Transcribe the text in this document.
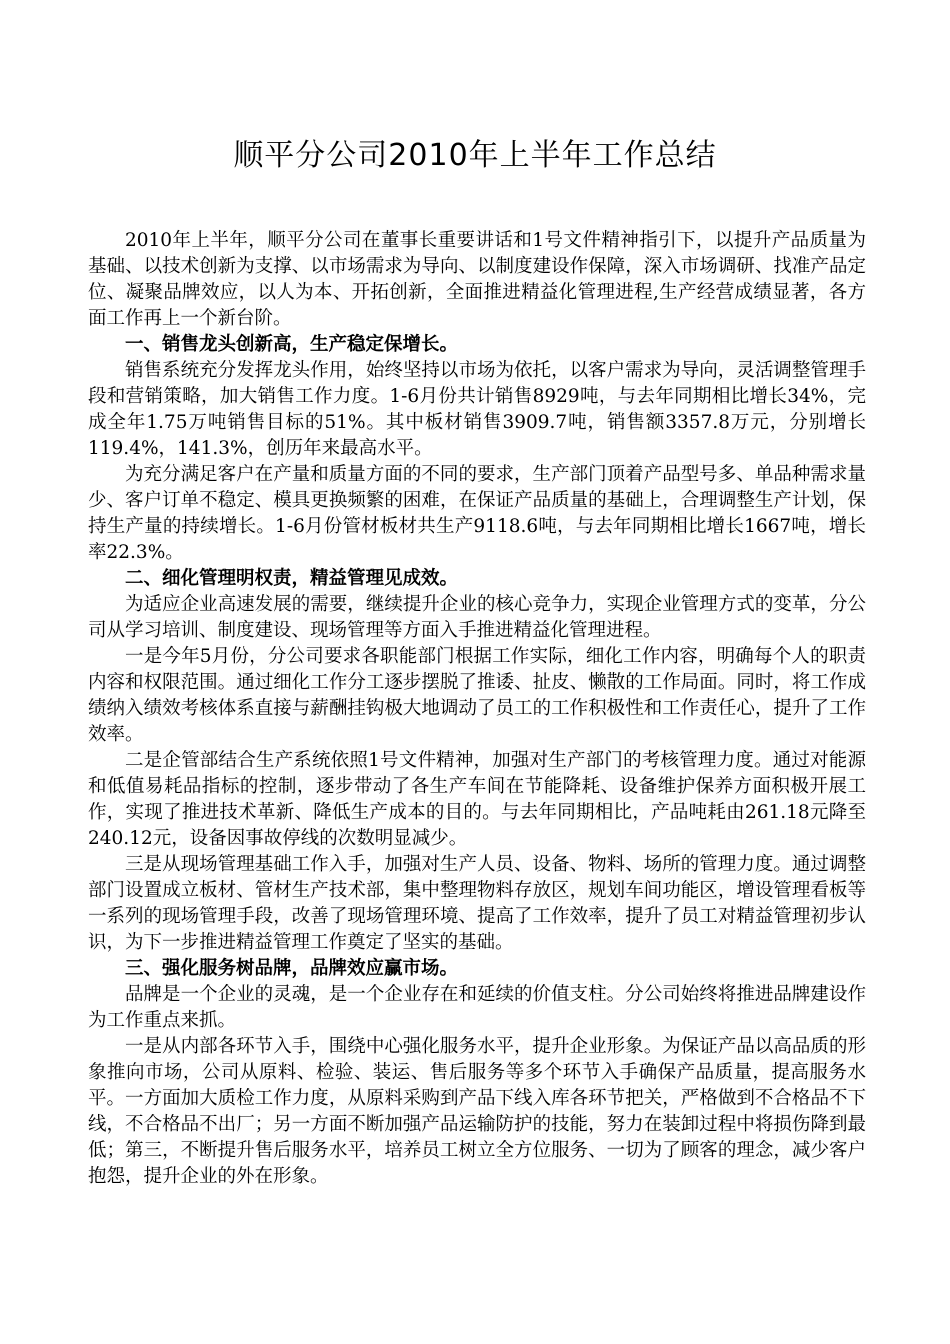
顺平分公司2010年上半年工作总结

2010年上半年，顺平分公司在董事长重要讲话和1号文件精神指引下，以提升产品质量为基础、以技术创新为支撑、以市场需求为导向、以制度建设作保障，深入市场调研、找准产品定位、凝聚品牌效应，以人为本、开拓创新，全面推进精益化管理进程,生产经营成绩显著，各方面工作再上一个新台阶。

一、销售龙头创新高，生产稳定保增长。

销售系统充分发挥龙头作用，始终坚持以市场为依托，以客户需求为导向，灵活调整管理手段和营销策略，加大销售工作力度。1-6月份共计销售8929吨，与去年同期相比增长34%，完成全年1.75万吨销售目标的51%。其中板材销售3909.7吨，销售额3357.8万元，分别增长119.4%，141.3%，创历年来最高水平。

为充分满足客户在产量和质量方面的不同的要求，生产部门顶着产品型号多、单品种需求量少、客户订单不稳定、模具更换频繁的困难，在保证产品质量的基础上，合理调整生产计划，保持生产量的持续增长。1-6月份管材板材共生产9118.6吨，与去年同期相比增长1667吨，增长率22.3%。

二、细化管理明权责，精益管理见成效。

为适应企业高速发展的需要，继续提升企业的核心竞争力，实现企业管理方式的变革，分公司从学习培训、制度建设、现场管理等方面入手推进精益化管理进程。

一是今年5月份，分公司要求各职能部门根据工作实际，细化工作内容，明确每个人的职责内容和权限范围。通过细化工作分工逐步摆脱了推诿、扯皮、懒散的工作局面。同时，将工作成绩纳入绩效考核体系直接与薪酬挂钩极大地调动了员工的工作积极性和工作责任心，提升了工作效率。

二是企管部结合生产系统依照1号文件精神，加强对生产部门的考核管理力度。通过对能源和低值易耗品指标的控制，逐步带动了各生产车间在节能降耗、设备维护保养方面积极开展工作，实现了推进技术革新、降低生产成本的目的。与去年同期相比，产品吨耗由261.18元降至240.12元，设备因事故停线的次数明显减少。

三是从现场管理基础工作入手，加强对生产人员、设备、物料、场所的管理力度。通过调整部门设置成立板材、管材生产技术部，集中整理物料存放区，规划车间功能区，增设管理看板等一系列的现场管理手段，改善了现场管理环境、提高了工作效率，提升了员工对精益管理初步认识，为下一步推进精益管理工作奠定了坚实的基础。

三、强化服务树品牌，品牌效应赢市场。

品牌是一个企业的灵魂，是一个企业存在和延续的价值支柱。分公司始终将推进品牌建设作为工作重点来抓。

一是从内部各环节入手，围绕中心强化服务水平，提升企业形象。为保证产品以高品质的形象推向市场，公司从原料、检验、装运、售后服务等多个环节入手确保产品质量，提高服务水平。一方面加大质检工作力度，从原料采购到产品下线入库各环节把关，严格做到不合格品不下线，不合格品不出厂；另一方面不断加强产品运输防护的技能，努力在装卸过程中将损伤降到最低；第三，不断提升售后服务水平，培养员工树立全方位服务、一切为了顾客的理念，减少客户抱怨，提升企业的外在形象。
